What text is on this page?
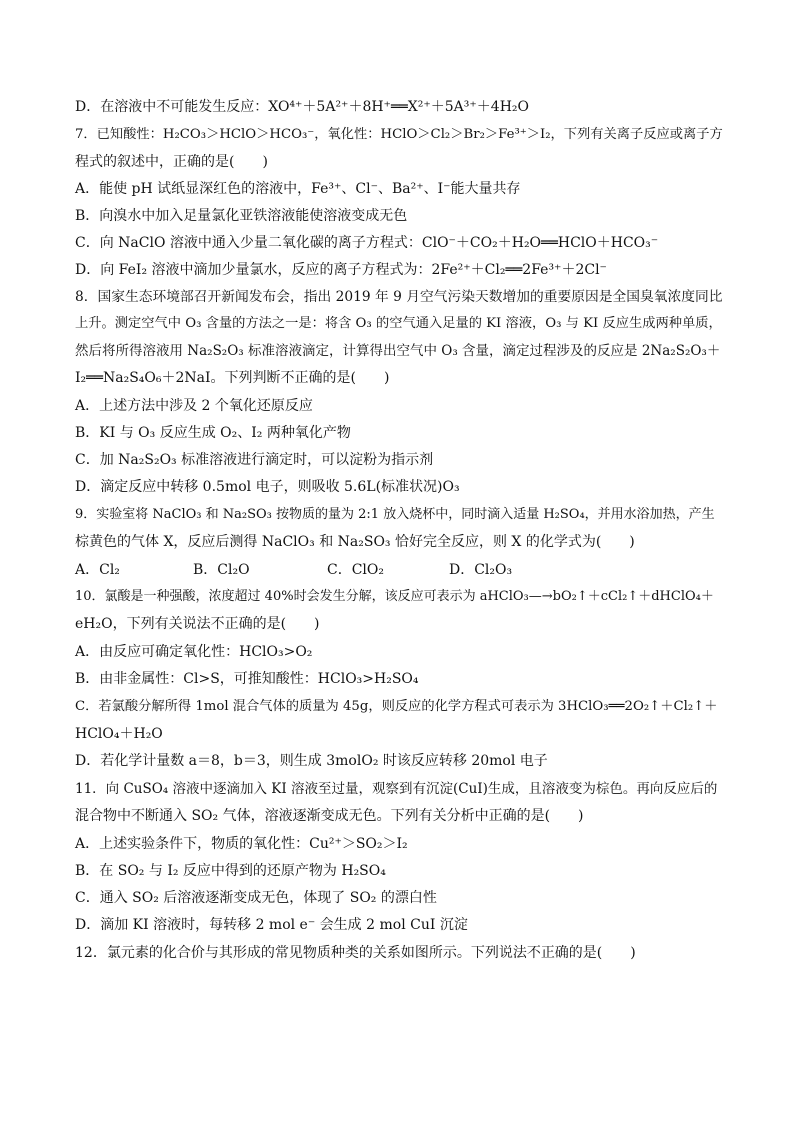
D．在溶液中不可能发生反应：XO⁴⁺＋5A²⁺＋8H⁺══X²⁺＋5A³⁺＋4H₂O
7．已知酸性：H₂CO₃＞HClO＞HCO₃⁻，氧化性：HClO＞Cl₂＞Br₂＞Fe³⁺＞I₂，下列有关离子反应或离子方
程式的叙述中，正确的是(　　)
A．能使 pH 试纸显深红色的溶液中，Fe³⁺、Cl⁻、Ba²⁺、I⁻能大量共存
B．向溴水中加入足量氯化亚铁溶液能使溶液变成无色
C．向 NaClO 溶液中通入少量二氧化碳的离子方程式：ClO⁻＋CO₂＋H₂O══HClO＋HCO₃⁻
D．向 FeI₂ 溶液中滴加少量氯水，反应的离子方程式为：2Fe²⁺＋Cl₂══2Fe³⁺＋2Cl⁻
8．国家生态环境部召开新闻发布会，指出 2019 年 9 月空气污染天数增加的重要原因是全国臭氧浓度同比
上升。测定空气中 O₃ 含量的方法之一是：将含 O₃ 的空气通入足量的 KI 溶液，O₃ 与 KI 反应生成两种单质，
然后将所得溶液用 Na₂S₂O₃ 标准溶液滴定，计算得出空气中 O₃ 含量，滴定过程涉及的反应是 2Na₂S₂O₃＋
I₂══Na₂S₄O₆＋2NaI。下列判断不正确的是(　　)
A．上述方法中涉及 2 个氧化还原反应
B．KI 与 O₃ 反应生成 O₂、I₂ 两种氧化产物
C．加 Na₂S₂O₃ 标准溶液进行滴定时，可以淀粉为指示剂
D．滴定反应中转移 0.5mol 电子，则吸收 5.6L(标准状况)O₃
9．实验室将 NaClO₃ 和 Na₂SO₃ 按物质的量为 2:1 放入烧杯中，同时滴入适量 H₂SO₄，并用水浴加热，产生
棕黄色的气体 X，反应后测得 NaClO₃ 和 Na₂SO₃ 恰好完全反应，则 X 的化学式为(　　)
A．Cl₂	B．Cl₂O	C．ClO₂	D．Cl₂O₃
10．氯酸是一种强酸，浓度超过 40%时会发生分解，该反应可表示为 aHClO₃—→bO₂↑＋cCl₂↑＋dHClO₄＋
eH₂O，下列有关说法不正确的是(　　)
A．由反应可确定氧化性：HClO₃>O₂
B．由非金属性：Cl>S，可推知酸性：HClO₃>H₂SO₄
C．若氯酸分解所得 1mol 混合气体的质量为 45g，则反应的化学方程式可表示为 3HClO₃══2O₂↑＋Cl₂↑＋
HClO₄＋H₂O
D．若化学计量数 a＝8，b＝3，则生成 3molO₂ 时该反应转移 20mol 电子
11．向 CuSO₄ 溶液中逐滴加入 KI 溶液至过量，观察到有沉淀(CuI)生成，且溶液变为棕色。再向反应后的
混合物中不断通入 SO₂ 气体，溶液逐渐变成无色。下列有关分析中正确的是(　　)
A．上述实验条件下，物质的氧化性：Cu²⁺＞SO₂＞I₂
B．在 SO₂ 与 I₂ 反应中得到的还原产物为 H₂SO₄
C．通入 SO₂ 后溶液逐渐变成无色，体现了 SO₂ 的漂白性
D．滴加 KI 溶液时，每转移 2 mol e⁻ 会生成 2 mol CuI 沉淀
12．氯元素的化合价与其形成的常见物质种类的关系如图所示。下列说法不正确的是(　　)
